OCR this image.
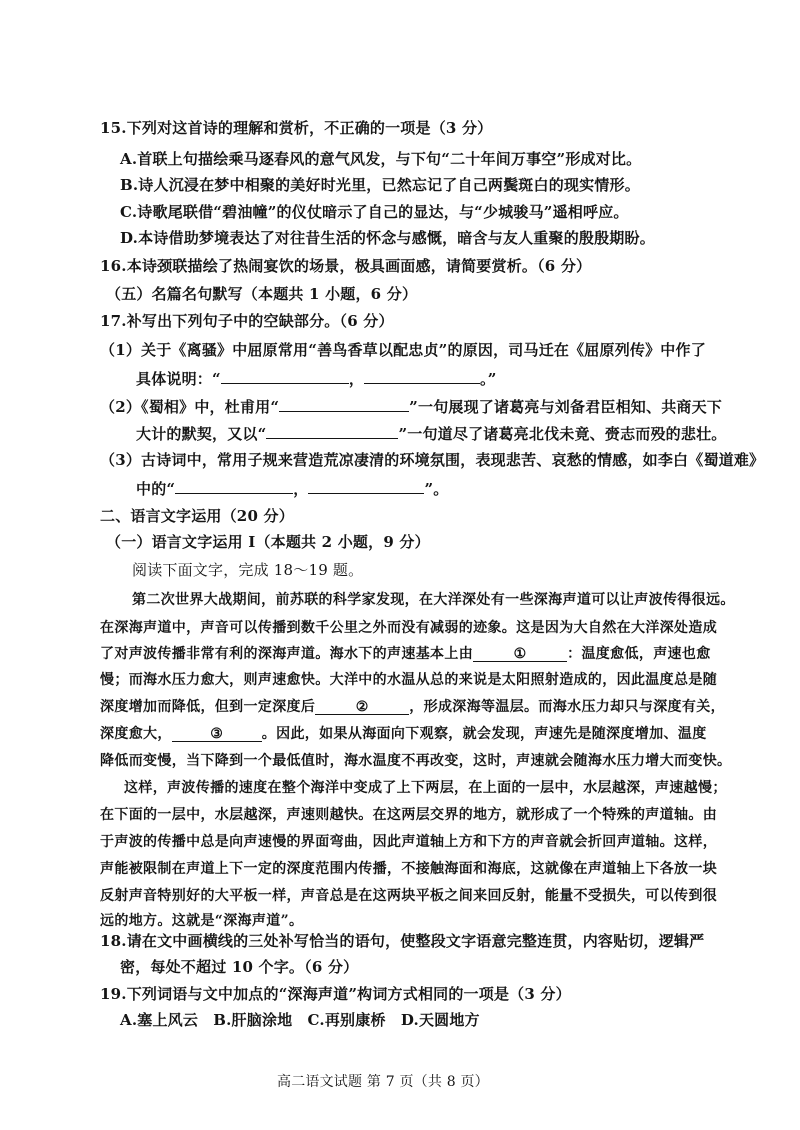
15.下列对这首诗的理解和赏析，不正确的一项是（3 分）
A.首联上句描绘乘马逐春风的意气风发，与下句“二十年间万事空”形成对比。
B.诗人沉浸在梦中相聚的美好时光里，已然忘记了自己两鬓斑白的现实情形。
C.诗歌尾联借“碧油幢”的仪仗暗示了自己的显达，与“少城骏马”遥相呼应。
D.本诗借助梦境表达了对往昔生活的怀念与感慨，暗含与友人重聚的殷殷期盼。
16.本诗颈联描绘了热闹宴饮的场景，极具画面感，请简要赏析。（6 分）
（五）名篇名句默写（本题共 1 小题，6 分）
17.补写出下列句子中的空缺部分。（6 分）
（1）关于《离骚》中屈原常用“善鸟香草以配忠贞”的原因，司马迁在《屈原列传》中作了
具体说明：“	，	。”
（2）《蜀相》中，杜甫用“	”一句展现了诸葛亮与刘备君臣相知、共商天下
大计的默契，又以“	”一句道尽了诸葛亮北伐未竟、赍志而殁的悲壮。
（3）古诗词中，常用子规来营造荒凉凄清的环境氛围，表现悲苦、哀愁的情感，如李白《蜀道难》
中的“	，	”。
二、语言文字运用（20 分）
（一）语言文字运用 Ⅰ（本题共 2 小题，9 分）
阅读下面文字，完成 18～19 题。
第二次世界大战期间，前苏联的科学家发现，在大洋深处有一些深海声道可以让声波传得很远。
在深海声道中，声音可以传播到数千公里之外而没有减弱的迹象。这是因为大自然在大洋深处造成
了对声波传播非常有利的深海声道。海水下的声速基本上由	①	：温度愈低，声速也愈
慢；而海水压力愈大，则声速愈快。大洋中的水温从总的来说是太阳照射造成的，因此温度总是随
深度增加而降低，但到一定深度后	②	，形成深海等温层。而海水压力却只与深度有关，
深度愈大，	③	。因此，如果从海面向下观察，就会发现，声速先是随深度增加、温度
降低而变慢，当下降到一个最低值时，海水温度不再改变，这时，声速就会随海水压力增大而变快。
这样，声波传播的速度在整个海洋中变成了上下两层，在上面的一层中，水层越深，声速越慢；
在下面的一层中，水层越深，声速则越快。在这两层交界的地方，就形成了一个特殊的声道轴。由
于声波的传播中总是向声速慢的界面弯曲，因此声道轴上方和下方的声音就会折回声道轴。这样，
声能被限制在声道上下一定的深度范围内传播，不接触海面和海底，这就像在声道轴上下各放一块
反射声音特别好的大平板一样，声音总是在这两块平板之间来回反射，能量不受损失，可以传到很
远的地方。这就是“深海声道”。
18.请在文中画横线的三处补写恰当的语句，使整段文字语意完整连贯，内容贴切，逻辑严
密，每处不超过 10 个字。（6 分）
19.下列词语与文中加点的“深海声道”构词方式相同的一项是（3 分）
A.塞上风云　B.肝脑涂地　C.再别康桥　D.天圆地方
高二语文试题 第 7 页（共 8 页）
